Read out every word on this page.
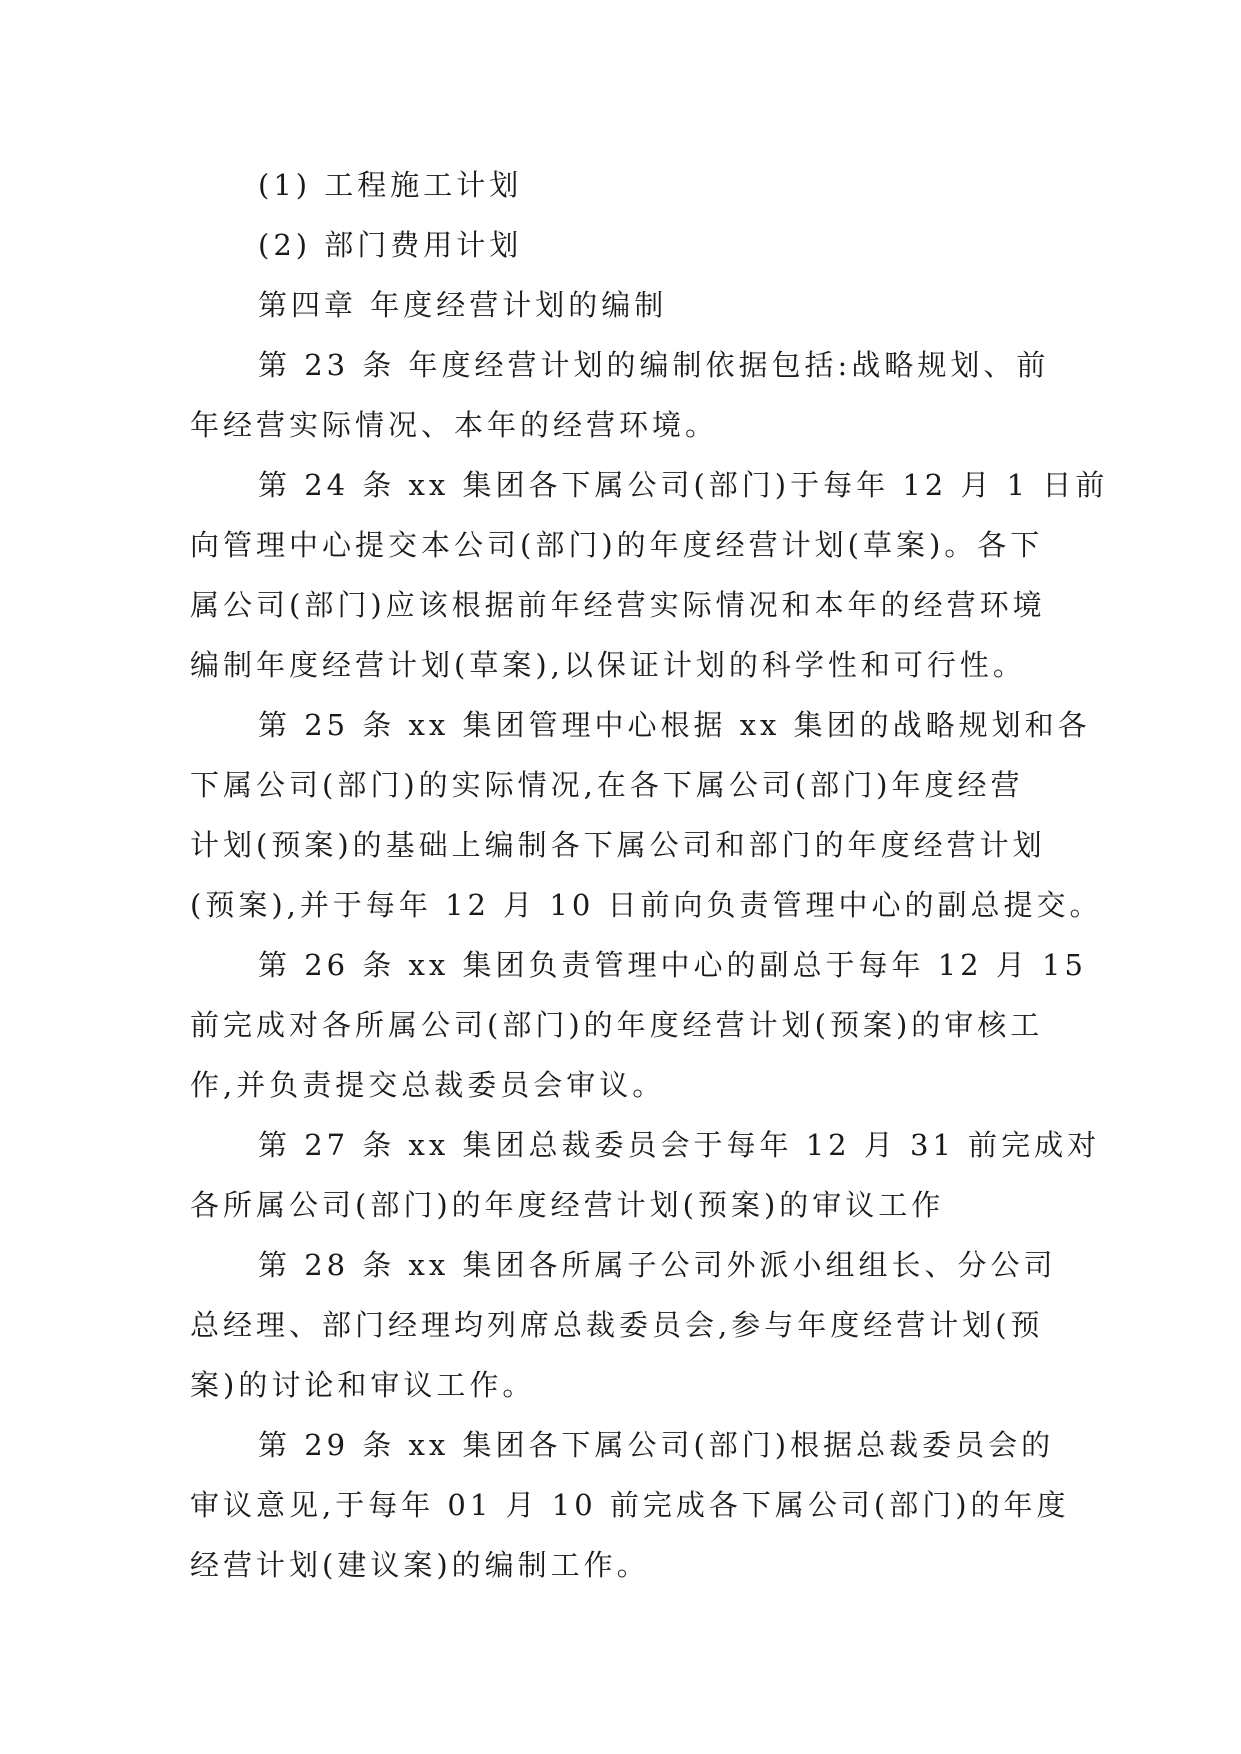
(1) 工程施工计划

(2) 部门费用计划

第四章 年度经营计划的编制

第 23 条 年度经营计划的编制依据包括:战略规划、前

年经营实际情况、本年的经营环境。

第 24 条 xx 集团各下属公司(部门)于每年 12 月 1 日前

向管理中心提交本公司(部门)的年度经营计划(草案)。各下

属公司(部门)应该根据前年经营实际情况和本年的经营环境

编制年度经营计划(草案),以保证计划的科学性和可行性。

第 25 条 xx 集团管理中心根据 xx 集团的战略规划和各

下属公司(部门)的实际情况,在各下属公司(部门)年度经营

计划(预案)的基础上编制各下属公司和部门的年度经营计划

(预案),并于每年 12 月 10 日前向负责管理中心的副总提交。

第 26 条 xx 集团负责管理中心的副总于每年 12 月 15

前完成对各所属公司(部门)的年度经营计划(预案)的审核工

作,并负责提交总裁委员会审议。

第 27 条 xx 集团总裁委员会于每年 12 月 31 前完成对

各所属公司(部门)的年度经营计划(预案)的审议工作

第 28 条 xx 集团各所属子公司外派小组组长、分公司

总经理、部门经理均列席总裁委员会,参与年度经营计划(预

案)的讨论和审议工作。

第 29 条 xx 集团各下属公司(部门)根据总裁委员会的

审议意见,于每年 01 月 10 前完成各下属公司(部门)的年度

经营计划(建议案)的编制工作。
